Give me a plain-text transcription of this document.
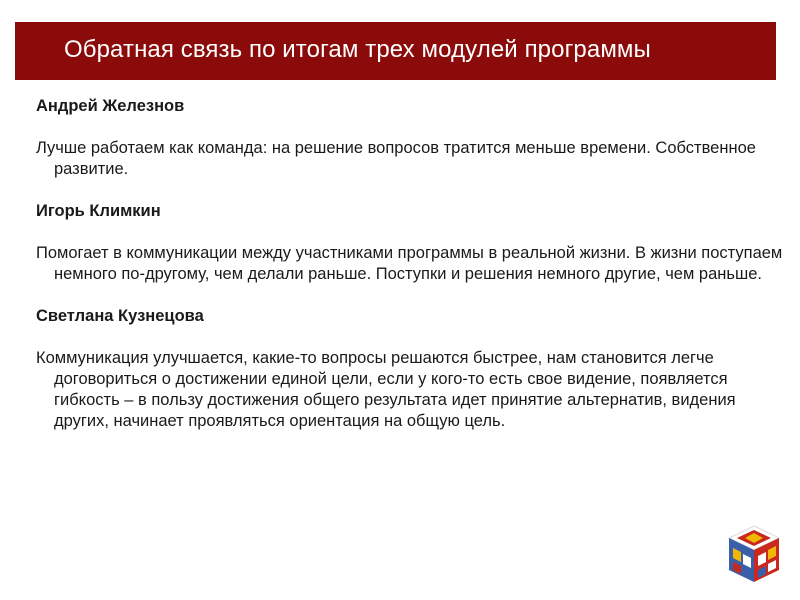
Обратная связь по итогам трех модулей программы
Андрей Железнов
Лучше работаем как команда: на решение вопросов тратится меньше времени. Собственное развитие.
Игорь Климкин
Помогает в коммуникации между участниками программы в реальной жизни. В жизни поступаем немного по-другому, чем делали раньше. Поступки и решения немного другие, чем раньше.
Светлана Кузнецова
Коммуникация улучшается, какие-то вопросы решаются быстрее, нам становится легче договориться о достижении единой цели, если у кого-то есть свое видение, появляется гибкость – в пользу достижения общего результата идет принятие альтернатив, видения других, начинает проявляться ориентация на общую цель.
